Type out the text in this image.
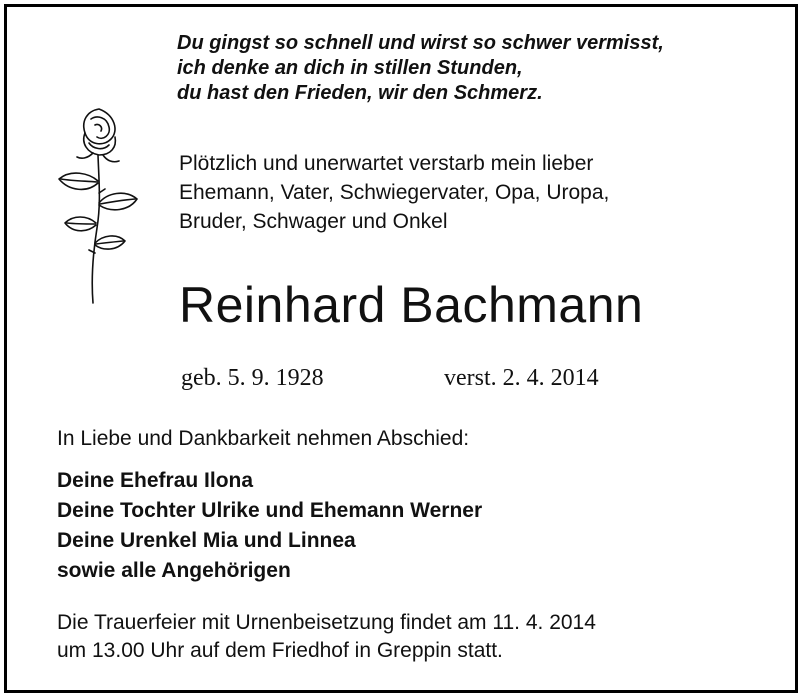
Du gingst so schnell und wirst so schwer vermisst,
ich denke an dich in stillen Stunden,
du hast den Frieden, wir den Schmerz.
Plötzlich und unerwartet verstarb mein lieber
Ehemann, Vater, Schwiegervater, Opa, Uropa,
Bruder, Schwager und Onkel
Reinhard Bachmann
geb. 5. 9. 1928	verst. 2. 4. 2014
In Liebe und Dankbarkeit nehmen Abschied:
Deine Ehefrau Ilona
Deine Tochter Ulrike und Ehemann Werner
Deine Urenkel Mia und Linnea
sowie alle Angehörigen
Die Trauerfeier mit Urnenbeisetzung findet am 11. 4. 2014
um 13.00 Uhr auf dem Friedhof in Greppin statt.
